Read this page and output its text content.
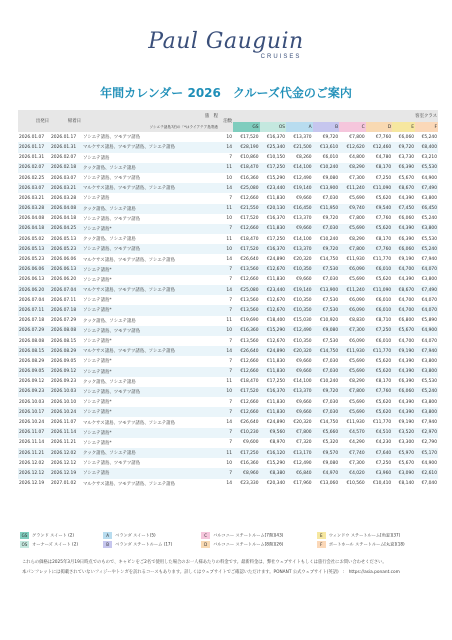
Paul Gauguin
CRUISES
年間カレンダー 2026　クルーズ代金のご案内
出発日	帰着日	旅　程	泊数	客室クラス							
		ソシエテ諸島7泊の「*はライアテア島寄港		GS	OS	A	B	C	D	E	F
2026.01.07	2026.01.17	ソシエテ諸島、ツモアツ諸島	10	€17,520	€16,370	€13,370	€9,720	€7,800	€7,760	€6,060	€5,240
2026.01.17	2026.01.31	マルケサス諸島、ツモアツ諸島、ソシエテ諸島	14	€28,190	€25,340	€21,500	€13,610	€12,620	€12,460	€9,720	€8,400
2026.01.31	2026.02.07	ソシエテ諸島	7	€10,860	€10,150	€8,260	€6,010	€4,800	€4,780	€3,730	€3,210
2026.02.07	2026.02.18	クック諸島、ソシエテ諸島	11	€18,470	€17,250	€14,100	€10,240	€8,290	€8,170	€6,390	€5,530
2026.02.25	2026.03.07	ソシエテ諸島、ツモアツ諸島	10	€16,360	€15,290	€12,490	€9,080	€7,300	€7,250	€5,670	€4,900
2026.03.07	2026.03.21	マルケサス諸島、ツモアツ諸島、ソシエテ諸島	14	€25,080	€23,440	€19,140	€13,900	€11,240	€11,090	€8,670	€7,490
2026.03.21	2026.03.28	ソシエテ諸島	7	€12,660	€11,830	€9,660	€7,030	€5,690	€5,620	€4,390	€3,800
2026.03.28	2026.04.08	クック諸島、ソシエテ諸島	11	€21,550	€20,130	€16,450	€11,950	€9,740	€9,540	€7,450	€6,450
2026.04.08	2026.04.18	ソシエテ諸島、ツモアツ諸島	10	€17,520	€16,370	€13,370	€9,720	€7,800	€7,760	€6,060	€5,240
2026.04.18	2026.04.25	ソシエテ諸島*	7	€12,660	€11,830	€9,660	€7,030	€5,690	€5,620	€4,390	€3,800
2026.05.02	2026.05.13	クック諸島、ソシエテ諸島	11	€18,470	€17,250	€14,100	€10,240	€8,290	€8,170	€6,390	€5,530
2026.05.13	2026.05.23	ソシエテ諸島、ツモアツ諸島	10	€17,520	€16,370	€13,370	€9,720	€7,800	€7,760	€6,060	€5,240
2026.05.23	2026.06.06	マルケサス諸島、ツモアツ諸島、ソシエテ諸島	14	€26,640	€24,890	€20,320	€14,750	€11,930	€11,770	€9,190	€7,940
2026.06.06	2026.06.13	ソシエテ諸島*	7	€13,560	€12,670	€10,350	€7,530	€6,090	€6,010	€4,700	€4,070
2026.06.13	2026.06.20	ソシエテ諸島*	7	€12,660	€11,830	€9,660	€7,030	€5,690	€5,620	€4,390	€3,800
2026.06.20	2026.07.04	マルケサス諸島、ツモアツ諸島、ソシエテ諸島	14	€25,080	€23,440	€19,140	€13,900	€11,240	€11,090	€8,670	€7,490
2026.07.04	2026.07.11	ソシエテ諸島*	7	€13,560	€12,670	€10,350	€7,530	€6,090	€6,010	€4,700	€4,070
2026.07.11	2026.07.18	ソシエテ諸島*	7	€13,560	€12,670	€10,350	€7,530	€6,090	€6,010	€4,700	€4,070
2026.07.18	2026.07.29	クック諸島、ソシエテ諸島	11	€19,690	€18,400	€15,030	€10,920	€8,830	€8,710	€6,800	€5,890
2026.07.29	2026.08.08	ソシエテ諸島、ツモアツ諸島	10	€16,360	€15,290	€12,490	€9,080	€7,300	€7,250	€5,670	€4,900
2026.08.08	2026.08.15	ソシエテ諸島*	7	€13,560	€12,670	€10,350	€7,530	€6,090	€6,010	€4,700	€4,070
2026.08.15	2026.08.29	マルケサス諸島、ツモアツ諸島、ソシエテ諸島	14	€26,640	€24,890	€20,320	€14,750	€11,930	€11,770	€9,190	€7,940
2026.08.29	2026.09.05	ソシエテ諸島*	7	€12,660	€11,830	€9,660	€7,030	€5,690	€5,620	€4,390	€3,800
2026.09.05	2026.09.12	ソシエテ諸島*	7	€12,660	€11,830	€9,660	€7,030	€5,690	€5,620	€4,390	€3,800
2026.09.12	2026.09.23	クック諸島、ソシエテ諸島	11	€18,470	€17,250	€14,100	€10,240	€8,290	€8,170	€6,390	€5,530
2026.09.23	2026.10.03	ソシエテ諸島、ツモアツ諸島	10	€17,520	€16,370	€13,370	€9,720	€7,800	€7,760	€6,060	€5,240
2026.10.03	2026.10.10	ソシエテ諸島*	7	€12,660	€11,830	€9,660	€7,030	€5,690	€5,620	€4,390	€3,800
2026.10.17	2026.10.24	ソシエテ諸島*	7	€12,660	€11,830	€9,660	€7,030	€5,690	€5,620	€4,390	€3,800
2026.10.24	2026.11.07	マルケサス諸島、ツモアツ諸島、ソシエテ諸島	14	€26,640	€24,890	€20,320	€14,750	€11,930	€11,770	€9,190	€7,940
2026.11.07	2026.11.14	ソシエテ諸島*	7	€10,230	€9,560	€7,800	€5,660	€4,570	€4,510	€3,520	€2,970
2026.11.14	2026.11.21	ソシエテ諸島*	7	€9,600	€8,970	€7,320	€5,320	€4,290	€4,230	€3,300	€2,790
2026.11.21	2026.12.02	クック諸島、ソシエテ諸島	11	€17,250	€16,120	€13,170	€9,570	€7,740	€7,640	€5,970	€5,170
2026.12.02	2026.12.12	ソシエテ諸島、ツモアツ諸島	10	€16,360	€15,290	€12,490	€9,080	€7,300	€7,250	€5,670	€4,900
2026.12.12	2026.12.19	ソシエテ諸島	7	€8,960	€8,380	€6,840	€4,970	€4,020	€3,960	€3,090	€2,610
2026.12.19	2027.01.02	マルケサス諸島、ツモアツ諸島、ソシエテ諸島	14	€23,330	€20,340	€17,960	€13,060	€10,560	€10,410	€8,140	€7,040
GS グランド スイート (2)	A ベランダ スイート(5)	C バルコニー ステートルーム[7階](43)	E ウィンドウ ステートルーム[角窓](37)
OS オーナーズ スイート (2)	B ベランダ ステートルーム (17)	D バルコニー ステートルーム[8階](26)	F ポートホール ステートルーム[丸窓](18)

これらの価格は2025年3月19日時点でのもので、キャビンをご2名で使用した場合のお一人様あたりの料金です。最新料金は、弊社ウェブサイトもしくは旅行会社にお問い合わせください。

本パンフレットには掲載されていないフィジーやトンガを訪れるコースもあります。詳しくはウェブサイトでご確認いただけます。PONANT 公式ウェブサイト(英語)　:　https://asia.ponant.com
